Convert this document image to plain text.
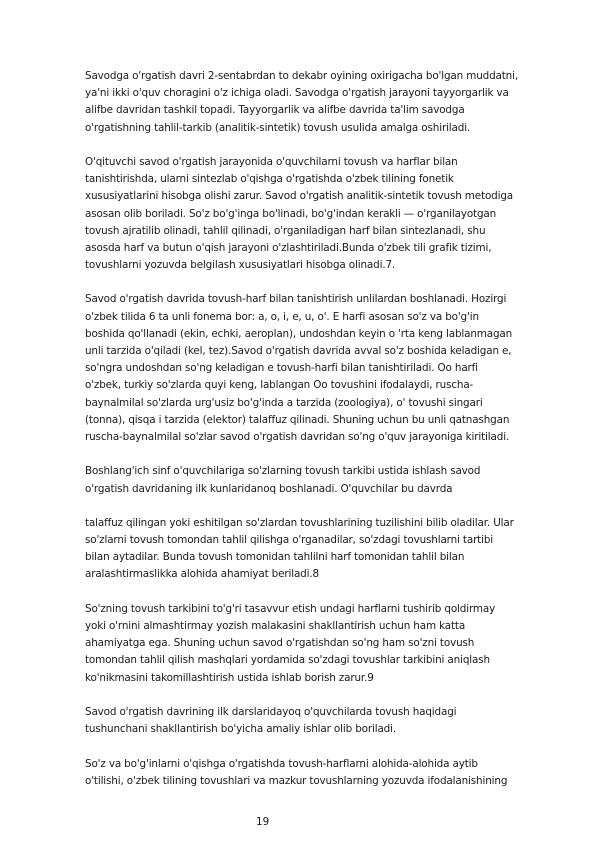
Savodga o'rgatish davri 2-sentabrdan to dekabr oyining oxirigacha bo'lgan muddatni,
ya'ni ikki o'quv choragini o'z ichiga oladi. Savodga o'rgatish jarayoni tayyorgarlik va
alifbe davridan tashkil topadi. Tayyorgarlik va alifbe davrida ta'lim savodga
o'rgatishning tahlil-tarkib (analitik-sintetik) tovush usulida amalga oshiriladi.
O'qituvchi savod o'rgatish jarayonida o'quvchilarni tovush va harflar bilan
tanishtirishda, ularni sintezlab o'qishga o'rgatishda o'zbek tilining fonetik
xususiyatlarini hisobga olishi zarur. Savod o'rgatish analitik-sintetik tovush metodiga
asosan olib boriladi. So'z bo'g'inga bo'linadi, bo'g'indan kerakli — o'rganilayotgan
tovush ajratilib olinadi, tahlil qilinadi, o'rganiladigan harf bilan sintezlanadi, shu
asosda harf va butun o'qish jarayoni o'zlashtiriladi.Bunda o'zbek tili grafik tizimi,
tovushlarni yozuvda belgilash xususiyatlari hisobga olinadi.7.
Savod o'rgatish davrida tovush-harf bilan tanishtirish unlilardan boshlanadi. Hozirgi
o'zbek tilida 6 ta unli fonema bor: a, o, i, e, u, o'. E harfi asosan so'z va bo'g'in
boshida qo'llanadi (ekin, echki, aeroplan), undoshdan keyin o 'rta keng lablanmagan
unli tarzida o'qiladi (kel, tez).Savod o'rgatish davrida avval so'z boshida keladigan e,
so'ngra undoshdan so'ng keladigan e tovush-harfi bilan tanishtiriladi. Oo harfi
o'zbek, turkiy so'zlarda quyi keng, lablangan Oo tovushini ifodalaydi, ruscha-
baynalmilal so'zlarda urg'usiz bo'g'inda a tarzida (zoologiya), o' tovushi singari
(tonna), qisqa i tarzida (elektor) talaffuz qilinadi. Shuning uchun bu unli qatnashgan
ruscha-baynalmilal so'zlar savod o'rgatish davridan so'ng o'quv jarayoniga kiritiladi.
Boshlang'ich sinf o'quvchilariga so'zlarning tovush tarkibi ustida ishlash savod
o'rgatish davridaning ilk kunlaridanoq boshlanadi. O'quvchilar bu davrda
talaffuz qilingan yoki eshitilgan so'zlardan tovushlarining tuzilishini bilib oladilar. Ular
so'zlarni tovush tomondan tahlil qilishga o'rganadilar, so'zdagi tovushlarni tartibi
bilan aytadilar. Bunda tovush tomonidan tahlilni harf tomonidan tahlil bilan
aralashtirmaslikka alohida ahamiyat beriladi.8
So'zning tovush tarkibini to'g'ri tasavvur etish undagi harflarni tushirib qoldirmay
yoki o'rnini almashtirmay yozish malakasini shakllantirish uchun ham katta
ahamiyatga ega. Shuning uchun savod o'rgatishdan so'ng ham so'zni tovush
tomondan tahlil qilish mashqlari yordamida so'zdagi tovushlar tarkibini aniqlash
ko'nikmasini takomillashtirish ustida ishlab borish zarur.9
Savod o'rgatish davrining ilk darslaridayoq o'quvchilarda tovush haqidagi
tushunchani shakllantirish bo'yicha amaliy ishlar olib boriladi.
So'z va bo'g'inlarni o'qishga o'rgatishda tovush-harflarni alohida-alohida aytib
o'tilishi, o'zbek tilining tovushlari va mazkur tovushlarning yozuvda ifodalanishining
19
